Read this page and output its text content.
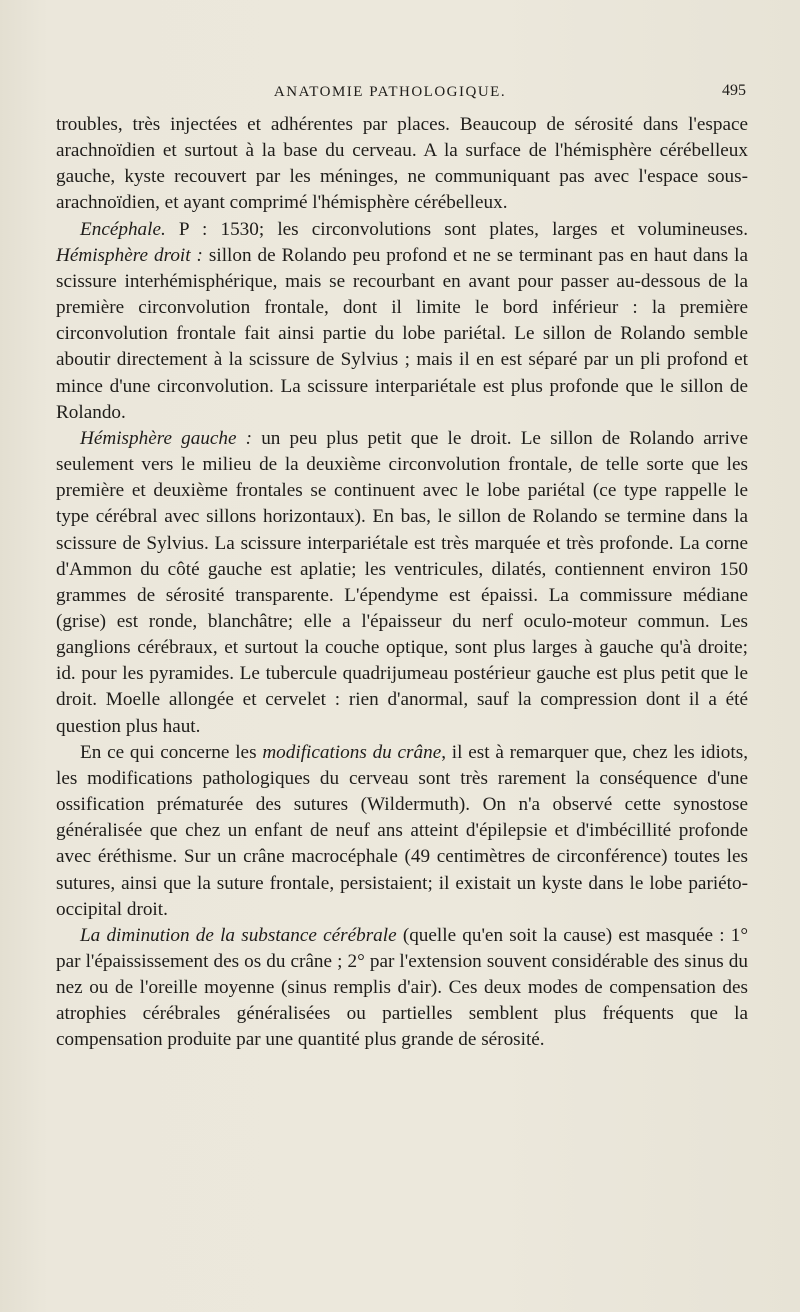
ANATOMIE PATHOLOGIQUE.	495

troubles, très injectées et adhérentes par places. Beaucoup de sérosité dans l'espace arachnoïdien et surtout à la base du cerveau. A la surface de l'hémisphère cérébelleux gauche, kyste recouvert par les méninges, ne communiquant pas avec l'espace sous-arachnoïdien, et ayant comprimé l'hémisphère cérébelleux.

Encéphale. P : 1530; les circonvolutions sont plates, larges et volumineuses. Hémisphère droit : sillon de Rolando peu profond et ne se terminant pas en haut dans la scissure interhémisphérique, mais se recourbant en avant pour passer au-dessous de la première circonvolution frontale, dont il limite le bord inférieur : la première circonvolution frontale fait ainsi partie du lobe pariétal. Le sillon de Rolando semble aboutir directement à la scissure de Sylvius ; mais il en est séparé par un pli profond et mince d'une circonvolution. La scissure interpariétale est plus profonde que le sillon de Rolando.

Hémisphère gauche : un peu plus petit que le droit. Le sillon de Rolando arrive seulement vers le milieu de la deuxième circonvolution frontale, de telle sorte que les première et deuxième frontales se continuent avec le lobe pariétal (ce type rappelle le type cérébral avec sillons horizontaux). En bas, le sillon de Rolando se termine dans la scissure de Sylvius. La scissure interpariétale est très marquée et très profonde. La corne d'Ammon du côté gauche est aplatie; les ventricules, dilatés, contiennent environ 150 grammes de sérosité transparente. L'épendyme est épaissi. La commissure médiane (grise) est ronde, blanchâtre; elle a l'épaisseur du nerf oculo-moteur commun. Les ganglions cérébraux, et surtout la couche optique, sont plus larges à gauche qu'à droite; id. pour les pyramides. Le tubercule quadrijumeau postérieur gauche est plus petit que le droit. Moelle allongée et cervelet : rien d'anormal, sauf la compression dont il a été question plus haut.

En ce qui concerne les modifications du crâne, il est à remarquer que, chez les idiots, les modifications pathologiques du cerveau sont très rarement la conséquence d'une ossification prématurée des sutures (Wildermuth). On n'a observé cette synostose généralisée que chez un enfant de neuf ans atteint d'épilepsie et d'imbécillité profonde avec éréthisme. Sur un crâne macrocéphale (49 centimètres de circonférence) toutes les sutures, ainsi que la suture frontale, persistaient; il existait un kyste dans le lobe pariéto-occipital droit.

La diminution de la substance cérébrale (quelle qu'en soit la cause) est masquée : 1° par l'épaississement des os du crâne ; 2° par l'extension souvent considérable des sinus du nez ou de l'oreille moyenne (sinus remplis d'air). Ces deux modes de compensation des atrophies cérébrales généralisées ou partielles semblent plus fréquents que la compensation produite par une quantité plus grande de sérosité.
